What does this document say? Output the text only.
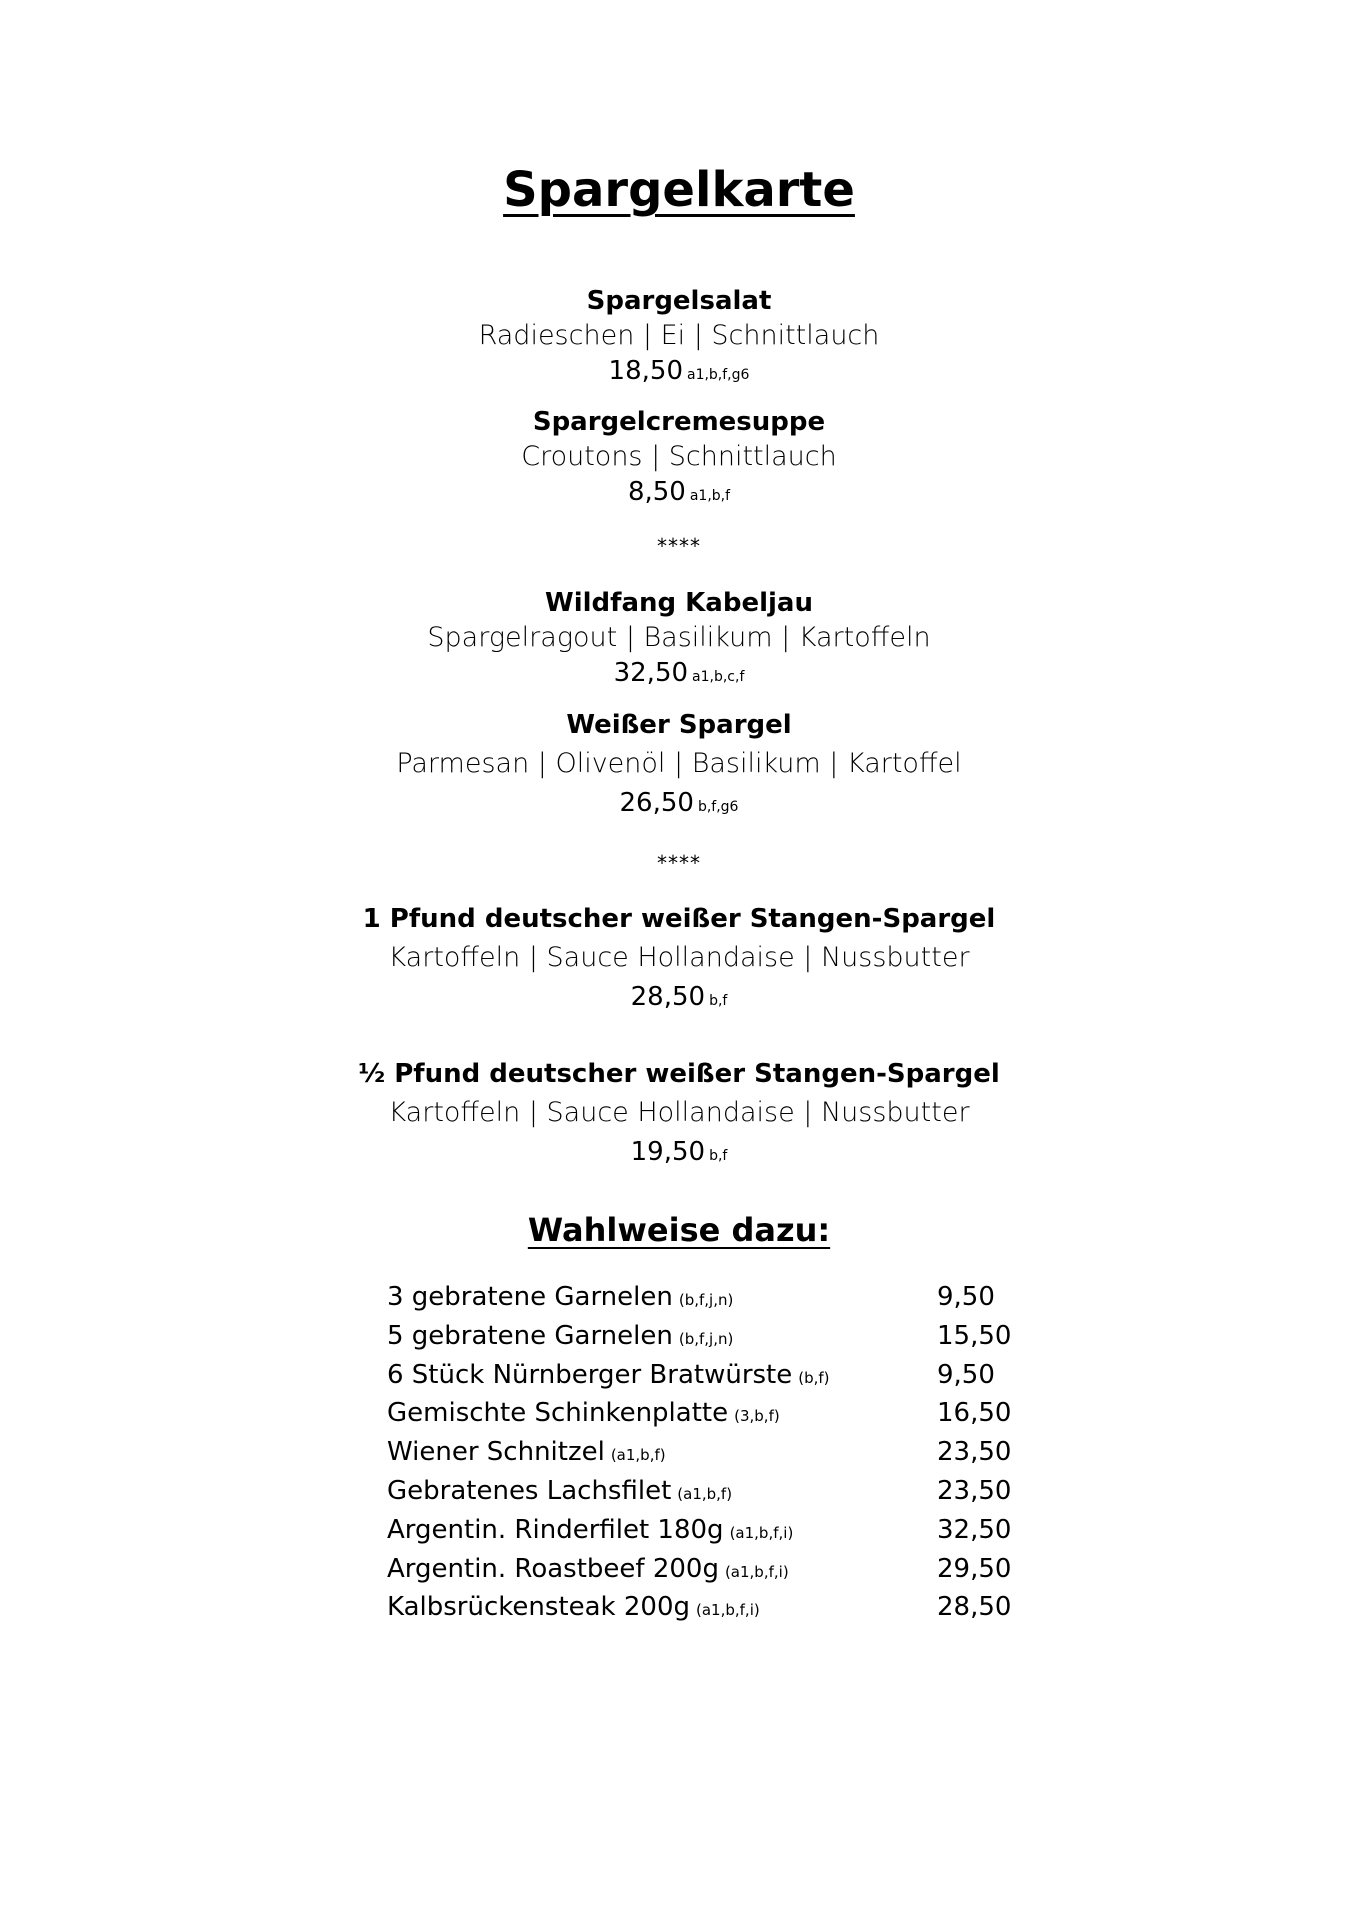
Spargelkarte
Spargelsalat
Radieschen | Ei | Schnittlauch
18,50 a1,b,f,g6
Spargelcremesuppe
Croutons | Schnittlauch
8,50 a1,b,f
****
Wildfang Kabeljau
Spargelragout | Basilikum | Kartoffeln
32,50 a1,b,c,f
Weißer Spargel
Parmesan | Olivenöl | Basilikum | Kartoffel
26,50 b,f,g6
****
1 Pfund deutscher weißer Stangen-Spargel
Kartoffeln | Sauce Hollandaise | Nussbutter
28,50 b,f
½ Pfund deutscher weißer Stangen-Spargel
Kartoffeln | Sauce Hollandaise | Nussbutter
19,50 b,f
Wahlweise dazu:
3 gebratene Garnelen (b,f,j,n)	9,50
5 gebratene Garnelen (b,f,j,n)	15,50
6 Stück Nürnberger Bratwürste (b,f)	9,50
Gemischte Schinkenplatte (3,b,f)	16,50
Wiener Schnitzel (a1,b,f)	23,50
Gebratenes Lachsfilet (a1,b,f)	23,50
Argentin. Rinderfilet 180g (a1,b,f,i)	32,50
Argentin. Roastbeef 200g (a1,b,f,i)	29,50
Kalbsrückensteak 200g (a1,b,f,i)	28,50
